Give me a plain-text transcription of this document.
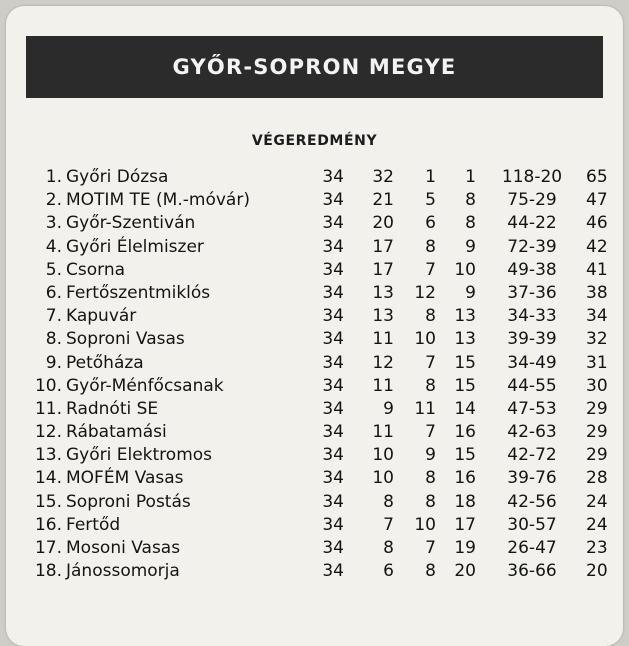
GYŐR-SOPRON MEGYE
VÉGEREDMÉNY
1. Győri Dózsa	34	32	1	1	118-20	65
2. MOTIM TE (M.-móvár)	34	21	5	8	75-29	47
3. Győr-Szentiván	34	20	6	8	44-22	46
4. Győri Élelmiszer	34	17	8	9	72-39	42
5. Csorna	34	17	7	10	49-38	41
6. Fertőszentmiklós	34	13	12	9	37-36	38
7. Kapuvár	34	13	8	13	34-33	34
8. Soproni Vasas	34	11	10	13	39-39	32
9. Petőháza	34	12	7	15	34-49	31
10. Győr-Ménfőcsanak	34	11	8	15	44-55	30
11. Radnóti SE	34	9	11	14	47-53	29
12. Rábatamási	34	11	7	16	42-63	29
13. Győri Elektromos	34	10	9	15	42-72	29
14. MOFÉM Vasas	34	10	8	16	39-76	28
15. Soproni Postás	34	8	8	18	42-56	24
16. Fertőd	34	7	10	17	30-57	24
17. Mosoni Vasas	34	8	7	19	26-47	23
18. Jánossomorja	34	6	8	20	36-66	20
